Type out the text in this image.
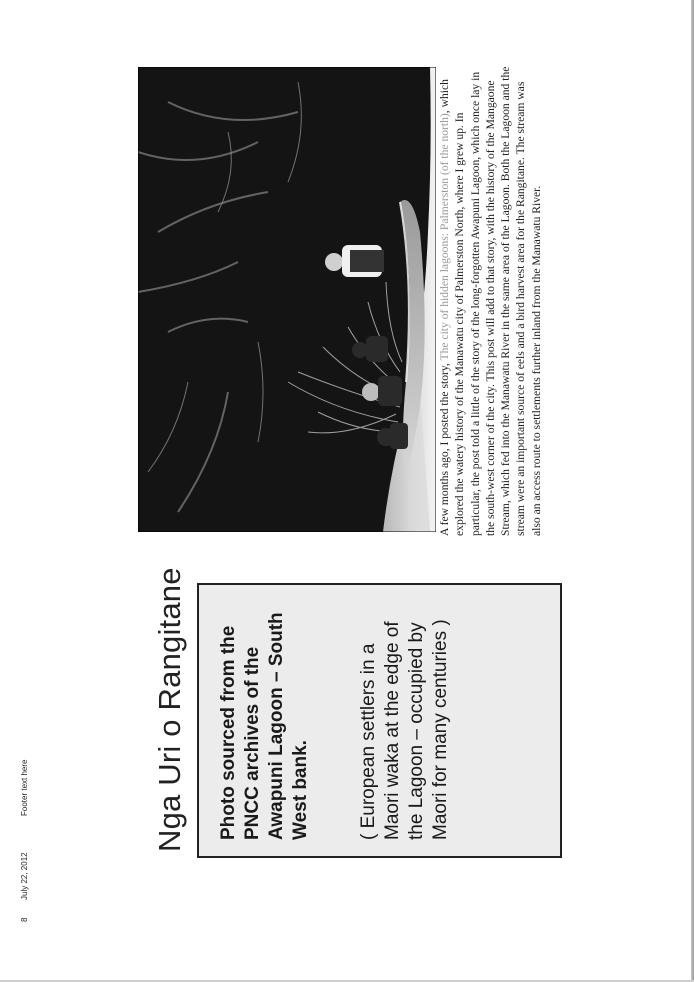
Nga Uri o Rangitane Photo sourced from the PNCC archives of the Awapuni Lagoon – South West bank. ( European settlers in a Maori waka at the edge of the Lagoon – occupied by Maori for many centuries )

A few months ago, I posted the story, The city of hidden lagoons: Palmerston (of the north), which explored the watery history of the Manawatu city of Palmerston North, where I grew up. In particular, the post told a little of the story of the long-forgotten Awapuni Lagoon, which once lay in the south-west corner of the city. This post will add to that story, with the history of the Mangaone Stream, which fed into the Manawatu River in the same area of the Lagoon. Both the Lagoon and the stream were an important source of eels and a bird harvest area for the Rangitane. The stream was also an access route to settlements further inland from the Manawatu River.

8

July 22, 2012

Footer text here
